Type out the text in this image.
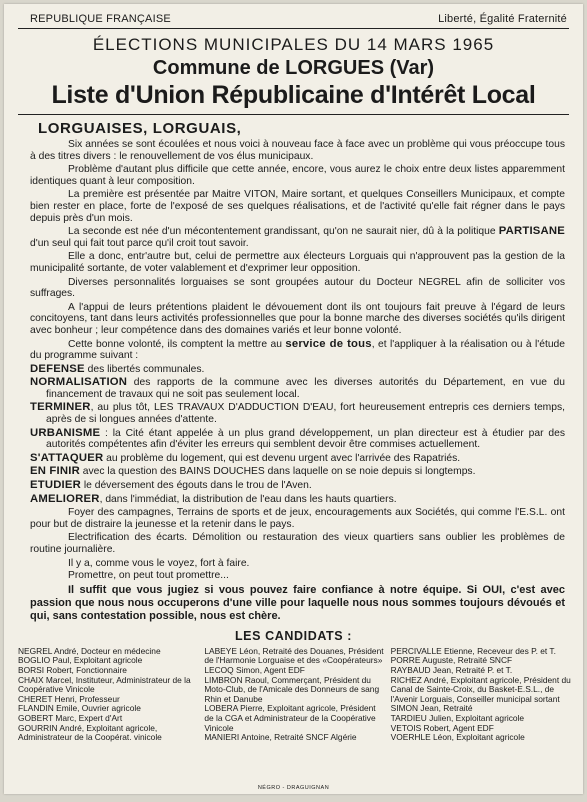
REPUBLIQUE FRANÇAISE	Liberté, Égalité Fraternité
ÉLECTIONS MUNICIPALES DU 14 MARS 1965
Commune de LORGUES (Var)
Liste d'Union Républicaine d'Intérêt Local
LORGUAISES, LORGUAIS,

Six années se sont écoulées et nous voici à nouveau face à face avec un problème qui vous préoccupe tous à des titres divers : le renouvellement de vos élus municipaux.

Problème d'autant plus difficile que cette année, encore, vous aurez le choix entre deux listes apparemment identiques quant à leur composition.

La première est présentée par Maitre VITON, Maire sortant, et quelques Conseillers Municipaux, et compte bien rester en place, forte de l'exposé de ses quelques réalisations, et de l'activité qu'elle fait régner dans le pays depuis près d'un mois.

La seconde est née d'un mécontentement grandissant, qu'on ne saurait nier, dû à la politique PARTISANE d'un seul qui fait tout parce qu'il croit tout savoir.

Elle a donc, entr'autre but, celui de permettre aux électeurs Lorguais qui n'approuvent pas la gestion de la municipalité sortante, de voter valablement et d'exprimer leur opposition.

Diverses personnalités lorguaises se sont groupées autour du Docteur NEGREL afin de solliciter vos suffrages.

A l'appui de leurs prétentions plaident le dévouement dont ils ont toujours fait preuve à l'égard de leurs concitoyens, tant dans leurs activités professionnelles que pour la bonne marche des diverses sociétés qu'ils dirigent avec bonheur ; leur compétence dans des domaines variés et leur bonne volonté.

Cette bonne volonté, ils comptent la mettre au service de tous, et l'appliquer à la réalisation ou à l'étude du programme suivant :

DEFENSE des libertés communales.
NORMALISATION des rapports de la commune avec les diverses autorités du Département, en vue du financement de travaux qui ne soit pas seulement local.
TERMINER, au plus tôt, LES TRAVAUX D'ADDUCTION D'EAU, fort heureusement entrepris ces derniers temps, après de si longues années d'attente.
URBANISME : la Cité étant appelée à un plus grand développement, un plan directeur est à étudier par des autorités compétentes afin d'éviter les erreurs qui semblent devoir être commises actuellement.
S'ATTAQUER au problème du logement, qui est devenu urgent avec l'arrivée des Rapatriés.
EN FINIR avec la question des BAINS DOUCHES dans laquelle on se noie depuis si longtemps.
ETUDIER le déversement des égouts dans le trou de l'Aven.
AMELIORER, dans l'immédiat, la distribution de l'eau dans les hauts quartiers.

Foyer des campagnes, Terrains de sports et de jeux, encouragements aux Sociétés, qui comme l'E.S.L. ont pour but de distraire la jeunesse et la retenir dans le pays.

Electrification des écarts. Démolition ou restauration des vieux quartiers sans oublier les problèmes de routine journalière.

Il y a, comme vous le voyez, fort à faire.

Promettre, on peut tout promettre...

Il suffit que vous jugiez si vous pouvez faire confiance à notre équipe. Si OUI, c'est avec passion que nous nous occuperons d'une ville pour laquelle nous nous sommes toujours dévoués et qui, sans contestation possible, nous est chère.

LES CANDIDATS :
NEGREL André, Docteur en médecine
BOGLIO Paul, Exploitant agricole
BORSI Robert, Fonctionnaire
CHAIX Marcel, Instituteur, Administrateur de la Coopérative Vinicole
CHERET Henri, Professeur
FLANDIN Emile, Ouvrier agricole
GOBERT Marc, Expert d'Art
GOURRIN André, Exploitant agricole, Administrateur de la Coopérat. vinicole
LABEYE Léon, Retraité des Douanes, Président de l'Harmonie Lorguaise et des «Coopérateurs»
LECOQ Simon, Agent EDF
LIMBRON Raoul, Commerçant, Président du Moto-Club, de l'Amicale des Donneurs de sang Rhin et Danube
LOBERA Pierre, Exploitant agricole, Président de la CGA et Administrateur de la Coopérative Vinicole
MANIERI Antoine, Retraité SNCF Algérie
PERCIVALLE Etienne, Receveur des P. et T.
PORRE Auguste, Retraité SNCF
RAYBAUD Jean, Retraité P. et T.
RICHEZ André, Exploitant agricole, Président du Canal de Sainte-Croix, du Basket-E.S.L., de l'Avenir Lorguais, Conseiller municipal sortant
SIMON Jean, Retraité
TARDIEU Julien, Exploitant agricole
VETOIS Robert, Agent EDF
VOERHLE Léon, Exploitant agricole
NÉGRO - DRAGUIGNAN
